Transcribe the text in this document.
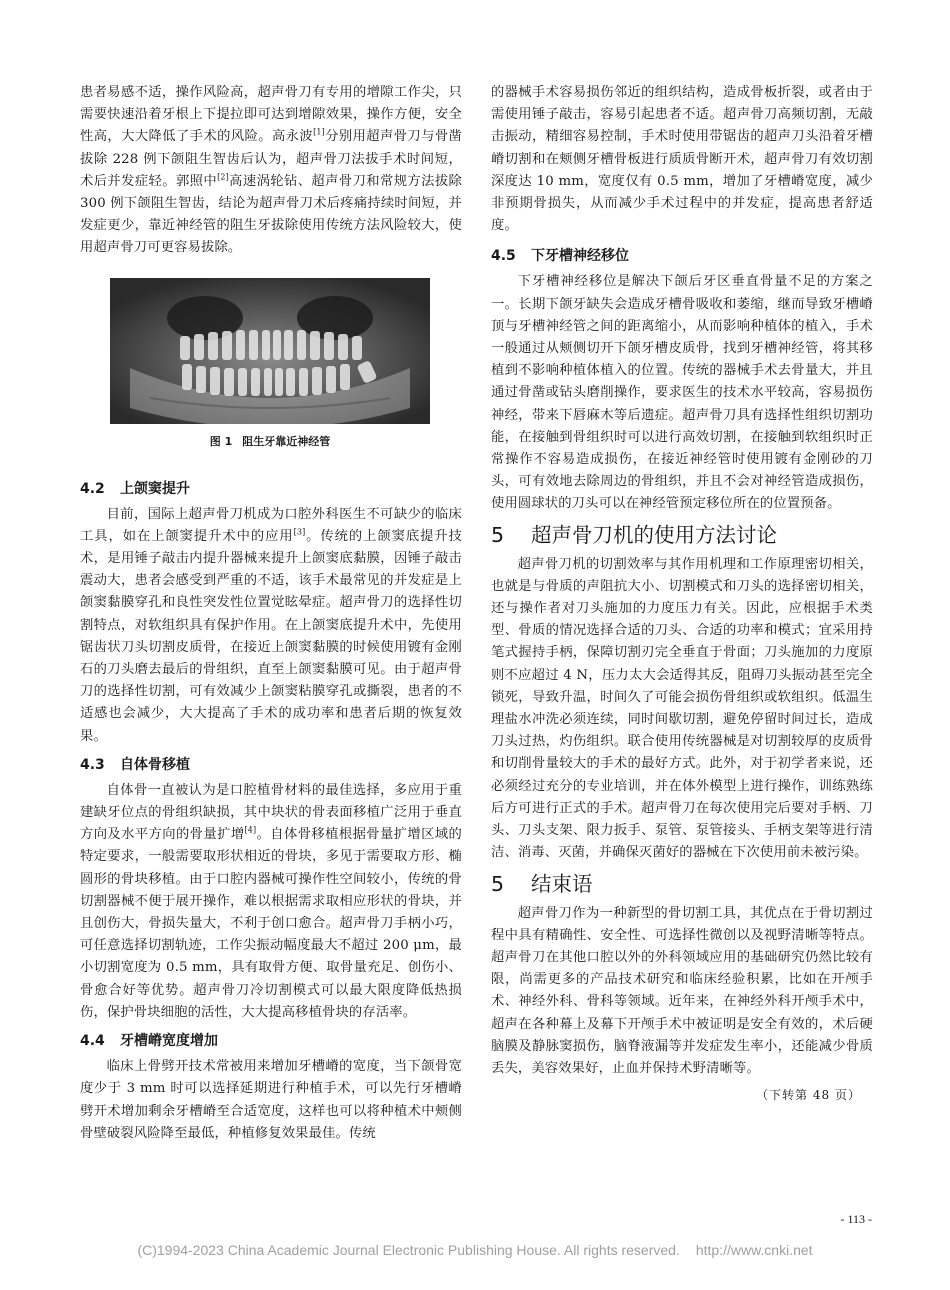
患者易感不适，操作风险高，超声骨刀有专用的增隙工作尖，只需要快速沿着牙根上下提拉即可达到增隙效果，操作方便，安全性高，大大降低了手术的风险。高永波[1]分别用超声骨刀与骨凿拔除 228 例下颌阻生智齿后认为，超声骨刀法拔手术时间短，术后并发症轻。郭照中[2]高速涡轮钻、超声骨刀和常规方法拔除 300 例下颌阻生智齿，结论为超声骨刀术后疼痛持续时间短，并发症更少，靠近神经管的阻生牙拔除使用传统方法风险较大，使用超声骨刀可更容易拔除。

图 1 阻生牙靠近神经管
4.2 上颌窦提升

目前，国际上超声骨刀机成为口腔外科医生不可缺少的临床工具，如在上颌窦提升术中的应用[3]。传统的上颌窦底提升技术，是用锤子敲击内提升器械来提升上颌窦底黏膜，因锤子敲击震动大，患者会感受到严重的不适，该手术最常见的并发症是上颌窦黏膜穿孔和良性突发性位置觉眩晕症。超声骨刀的选择性切割特点，对软组织具有保护作用。在上颌窦底提升术中，先使用锯齿状刀头切割皮质骨，在接近上颌窦黏膜的时候使用镀有金刚石的刀头磨去最后的骨组织，直至上颌窦黏膜可见。由于超声骨刀的选择性切割，可有效减少上颌窦粘膜穿孔或撕裂，患者的不适感也会减少，大大提高了手术的成功率和患者后期的恢复效果。

4.3 自体骨移植

自体骨一直被认为是口腔植骨材料的最佳选择，多应用于重建缺牙位点的骨组织缺损，其中块状的骨表面移植广泛用于垂直方向及水平方向的骨量扩增[4]。自体骨移植根据骨量扩增区域的特定要求，一般需要取形状相近的骨块，多见于需要取方形、椭圆形的骨块移植。由于口腔内器械可操作性空间较小，传统的骨切割器械不便于展开操作，难以根据需求取相应形状的骨块，并且创伤大，骨损失量大，不利于创口愈合。超声骨刀手柄小巧，可任意选择切割轨迹，工作尖振动幅度最大不超过 200 μm，最小切割宽度为 0.5 mm，具有取骨方便、取骨量充足、创伤小、骨愈合好等优势。超声骨刀冷切割模式可以最大限度降低热损伤，保护骨块细胞的活性，大大提高移植骨块的存活率。

4.4 牙槽嵴宽度增加

临床上骨劈开技术常被用来增加牙槽嵴的宽度，当下颌骨宽度少于 3 mm 时可以选择延期进行种植手术，可以先行牙槽嵴劈开术增加剩余牙槽嵴至合适宽度，这样也可以将种植术中颊侧骨壁破裂风险降至最低，种植修复效果最佳。传统

的器械手术容易损伤邻近的组织结构，造成骨板折裂，或者由于需使用锤子敲击，容易引起患者不适。超声骨刀高频切割，无敲击振动，精细容易控制，手术时使用带锯齿的超声刀头沿着牙槽嵴切割和在颊侧牙槽骨板进行质质骨断开术，超声骨刀有效切割深度达 10 mm，宽度仅有 0.5 mm，增加了牙槽嵴宽度，减少非预期骨损失，从而减少手术过程中的并发症，提高患者舒适度。

4.5 下牙槽神经移位

下牙槽神经移位是解决下颌后牙区垂直骨量不足的方案之一。长期下颌牙缺失会造成牙槽骨吸收和萎缩，继而导致牙槽嵴顶与牙槽神经管之间的距离缩小，从而影响种植体的植入，手术一般通过从颊侧切开下颌牙槽皮质骨，找到牙槽神经管，将其移植到不影响种植体植入的位置。传统的器械手术去骨量大，并且通过骨凿或钻头磨削操作，要求医生的技术水平较高，容易损伤神经，带来下唇麻木等后遗症。超声骨刀具有选择性组织切割功能，在接触到骨组织时可以进行高效切割，在接触到软组织时正常操作不容易造成损伤，在接近神经管时使用镀有金刚砂的刀头，可有效地去除周边的骨组织，并且不会对神经管造成损伤，使用圆球状的刀头可以在神经管预定移位所在的位置预备。

5 超声骨刀机的使用方法讨论

超声骨刀机的切割效率与其作用机理和工作原理密切相关，也就是与骨质的声阻抗大小、切割模式和刀头的选择密切相关，还与操作者对刀头施加的力度压力有关。因此，应根据手术类型、骨质的情况选择合适的刀头、合适的功率和模式；宜采用持笔式握持手柄，保障切割刃完全垂直于骨面；刀头施加的力度原则不应超过 4 N，压力太大会适得其反，阻碍刀头振动甚至完全锁死，导致升温，时间久了可能会损伤骨组织或软组织。低温生理盐水冲洗必须连续，同时间歇切割，避免停留时间过长，造成刀头过热，灼伤组织。联合使用传统器械是对切割较厚的皮质骨和切削骨量较大的手术的最好方式。此外，对于初学者来说，还必须经过充分的专业培训，并在体外模型上进行操作，训练熟练后方可进行正式的手术。超声骨刀在每次使用完后要对手柄、刀头、刀头支架、限力扳手、泵管、泵管接头、手柄支架等进行清洁、消毒、灭菌，并确保灭菌好的器械在下次使用前未被污染。

5 结束语

超声骨刀作为一种新型的骨切割工具，其优点在于骨切割过程中具有精确性、安全性、可选择性微创以及视野清晰等特点。超声骨刀在其他口腔以外的外科领域应用的基础研究仍然比较有限，尚需更多的产品技术研究和临床经验积累，比如在开颅手术、神经外科、骨科等领域。近年来，在神经外科开颅手术中，超声在各种幕上及幕下开颅手术中被证明是安全有效的，术后硬脑膜及静脉窦损伤，脑脊液漏等并发症发生率小，还能减少骨质丢失，美容效果好，止血并保持术野清晰等。

（下转第 48 页）
- 113 -
(C)1994-2023 China Academic Journal Electronic Publishing House. All rights reserved. http://www.cnki.net
